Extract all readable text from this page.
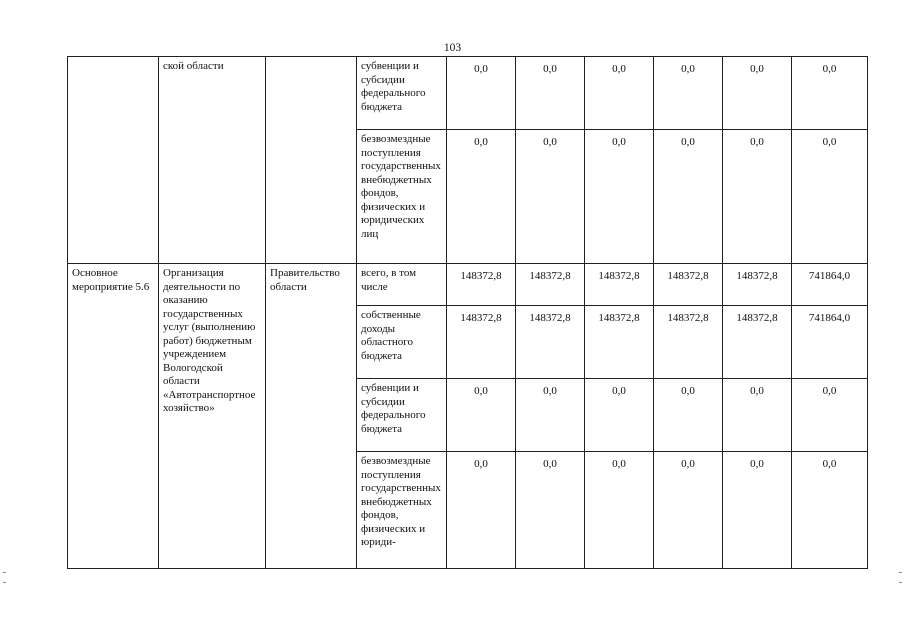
103
	ской области		субвенции и субсидии федерального бюджета	0,0	0,0	0,0	0,0	0,0	0,0
			безвозмездные поступления государственных внебюджетных фондов, физических и юридических лиц	0,0	0,0	0,0	0,0	0,0	0,0
Основное мероприятие 5.6	Организация деятельности по оказанию государственных услуг (выполнению работ) бюджетным учреждением Вологодской области «Автотранспортное хозяйство»	Правительство области	всего, в том числе	148372,8	148372,8	148372,8	148372,8	148372,8	741864,0
			собственные доходы областного бюджета	148372,8	148372,8	148372,8	148372,8	148372,8	741864,0
			субвенции и субсидии федерального бюджета	0,0	0,0	0,0	0,0	0,0	0,0
			безвозмездные поступления государственных внебюджетных фондов, физических и юриди-	0,0	0,0	0,0	0,0	0,0	0,0
